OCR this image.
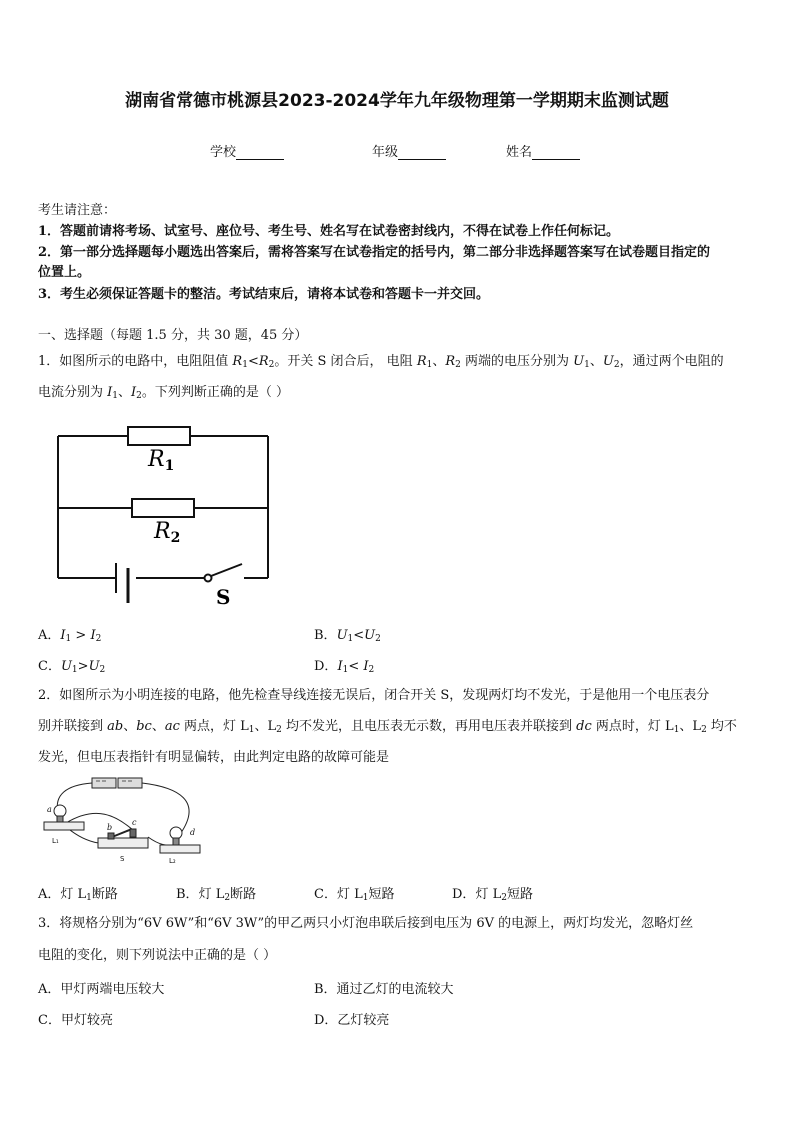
湖南省常德市桃源县2023-2024学年九年级物理第一学期期末监测试题
学校	年级	姓名
考生请注意：
1．答题前请将考场、试室号、座位号、考生号、姓名写在试卷密封线内，不得在试卷上作任何标记。
2．第一部分选择题每小题选出答案后，需将答案写在试卷指定的括号内，第二部分非选择题答案写在试卷题目指定的
位置上。
3．考生必须保证答题卡的整洁。考试结束后，请将本试卷和答题卡一并交回。
一、选择题（每题 1.5 分，共 30 题，45 分）
1．如图所示的电路中，电阻阻值 $R_1<R_2$。开关 S 闭合后， 电阻 $R_1$、$R_2$ 两端的电压分别为 $U_1$、$U_2$，通过两个电阻的
电流分别为 $I_1$、$I_2$。下列判断正确的是（ ）
R1
R2
S
A．$I_1 > I_2$	B．$U_1<U_2$
C．$U_1>U_2$	D．$I_1< I_2$
2．如图所示为小明连接的电路，他先检查导线连接无误后，闭合开关 S，发现两灯均不发光，于是他用一个电压表分
别并联接到 ab、bc、ac 两点，灯 $L_1$、$L_2$ 均不发光，且电压表无示数，再用电压表并联接到 dc 两点时，灯 $L_1$、$L_2$ 均不
发光，但电压表指针有明显偏转，由此判定电路的故障可能是
a
b
c
d
L₁
S	L₂
A．灯 $L_1$断路	B．灯 $L_2$断路	C．灯 $L_1$短路	D．灯 $L_2$短路
3．将规格分别为“6V 6W”和“6V 3W”的甲乙两只小灯泡串联后接到电压为 6V 的电源上，两灯均发光，忽略灯丝
电阻的变化，则下列说法中正确的是（ ）
A．甲灯两端电压较大	B．通过乙灯的电流较大
C．甲灯较亮	D．乙灯较亮
